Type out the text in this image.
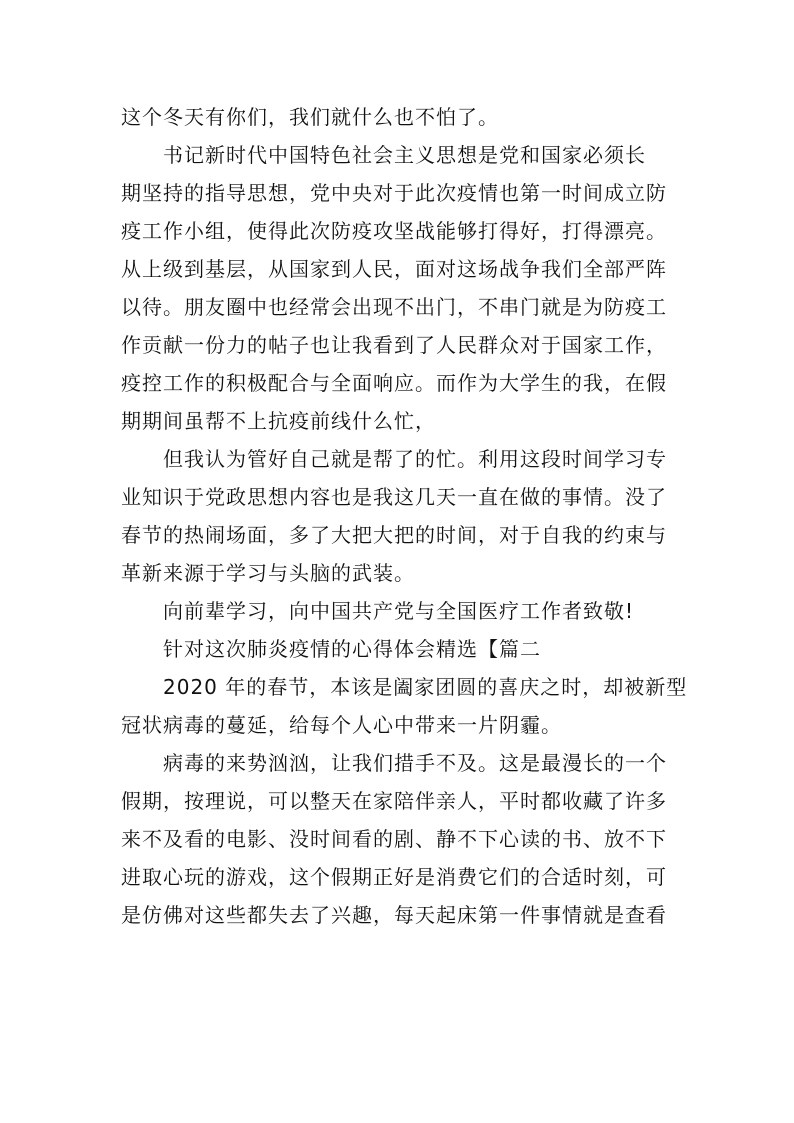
这个冬天有你们，我们就什么也不怕了。
书记新时代中国特色社会主义思想是党和国家必须长
期坚持的指导思想，党中央对于此次疫情也第一时间成立防
疫工作小组，使得此次防疫攻坚战能够打得好，打得漂亮。
从上级到基层，从国家到人民，面对这场战争我们全部严阵
以待。朋友圈中也经常会出现不出门，不串门就是为防疫工
作贡献一份力的帖子也让我看到了人民群众对于国家工作，
疫控工作的积极配合与全面响应。而作为大学生的我，在假
期期间虽帮不上抗疫前线什么忙，
但我认为管好自己就是帮了的忙。利用这段时间学习专
业知识于党政思想内容也是我这几天一直在做的事情。没了
春节的热闹场面，多了大把大把的时间，对于自我的约束与
革新来源于学习与头脑的武装。
向前辈学习，向中国共产党与全国医疗工作者致敬!
针对这次肺炎疫情的心得体会精选【篇二
2020 年的春节，本该是阖家团圆的喜庆之时，却被新型
冠状病毒的蔓延，给每个人心中带来一片阴霾。
病毒的来势汹汹，让我们措手不及。这是最漫长的一个
假期，按理说，可以整天在家陪伴亲人，平时都收藏了许多
来不及看的电影、没时间看的剧、静不下心读的书、放不下
进取心玩的游戏，这个假期正好是消费它们的合适时刻，可
是仿佛对这些都失去了兴趣，每天起床第一件事情就是查看
